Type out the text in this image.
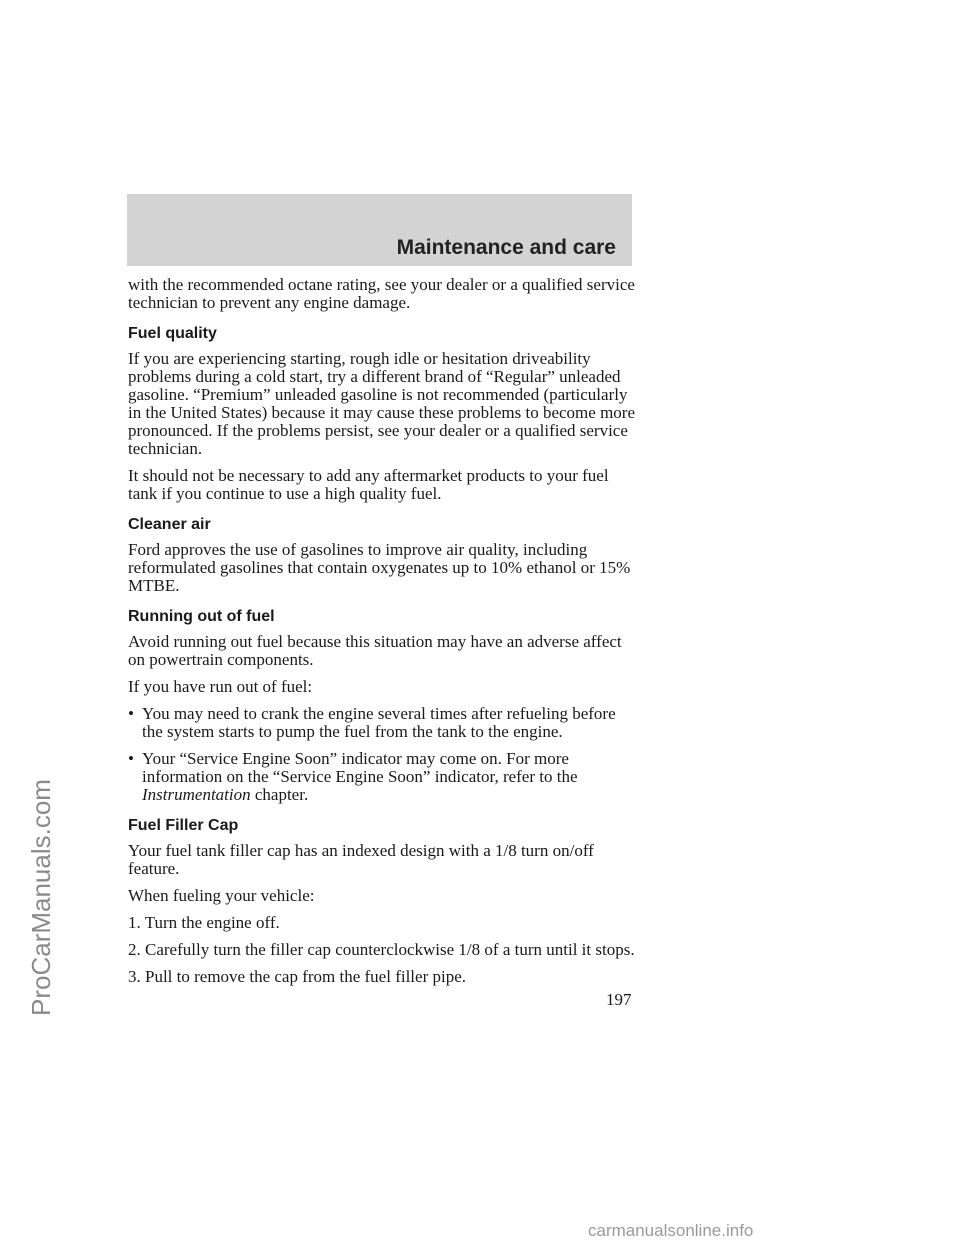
Maintenance and care
ProCarManuals.com

with the recommended octane rating, see your dealer or a qualified service technician to prevent any engine damage.

Fuel quality

If you are experiencing starting, rough idle or hesitation driveability problems during a cold start, try a different brand of “Regular” unleaded gasoline. “Premium” unleaded gasoline is not recommended (particularly in the United States) because it may cause these problems to become more pronounced. If the problems persist, see your dealer or a qualified service technician.

It should not be necessary to add any aftermarket products to your fuel tank if you continue to use a high quality fuel.

Cleaner air

Ford approves the use of gasolines to improve air quality, including reformulated gasolines that contain oxygenates up to 10% ethanol or 15% MTBE.

Running out of fuel

Avoid running out fuel because this situation may have an adverse affect on powertrain components.

If you have run out of fuel:

• You may need to crank the engine several times after refueling before the system starts to pump the fuel from the tank to the engine.
• Your “Service Engine Soon” indicator may come on. For more information on the “Service Engine Soon” indicator, refer to the Instrumentation chapter.
Fuel Filler Cap

Your fuel tank filler cap has an indexed design with a 1/8 turn on/off feature.

When fueling your vehicle:

1. Turn the engine off.

2. Carefully turn the filler cap counterclockwise 1/8 of a turn until it stops.

3. Pull to remove the cap from the fuel filler pipe.

197
carmanualsonline.info
